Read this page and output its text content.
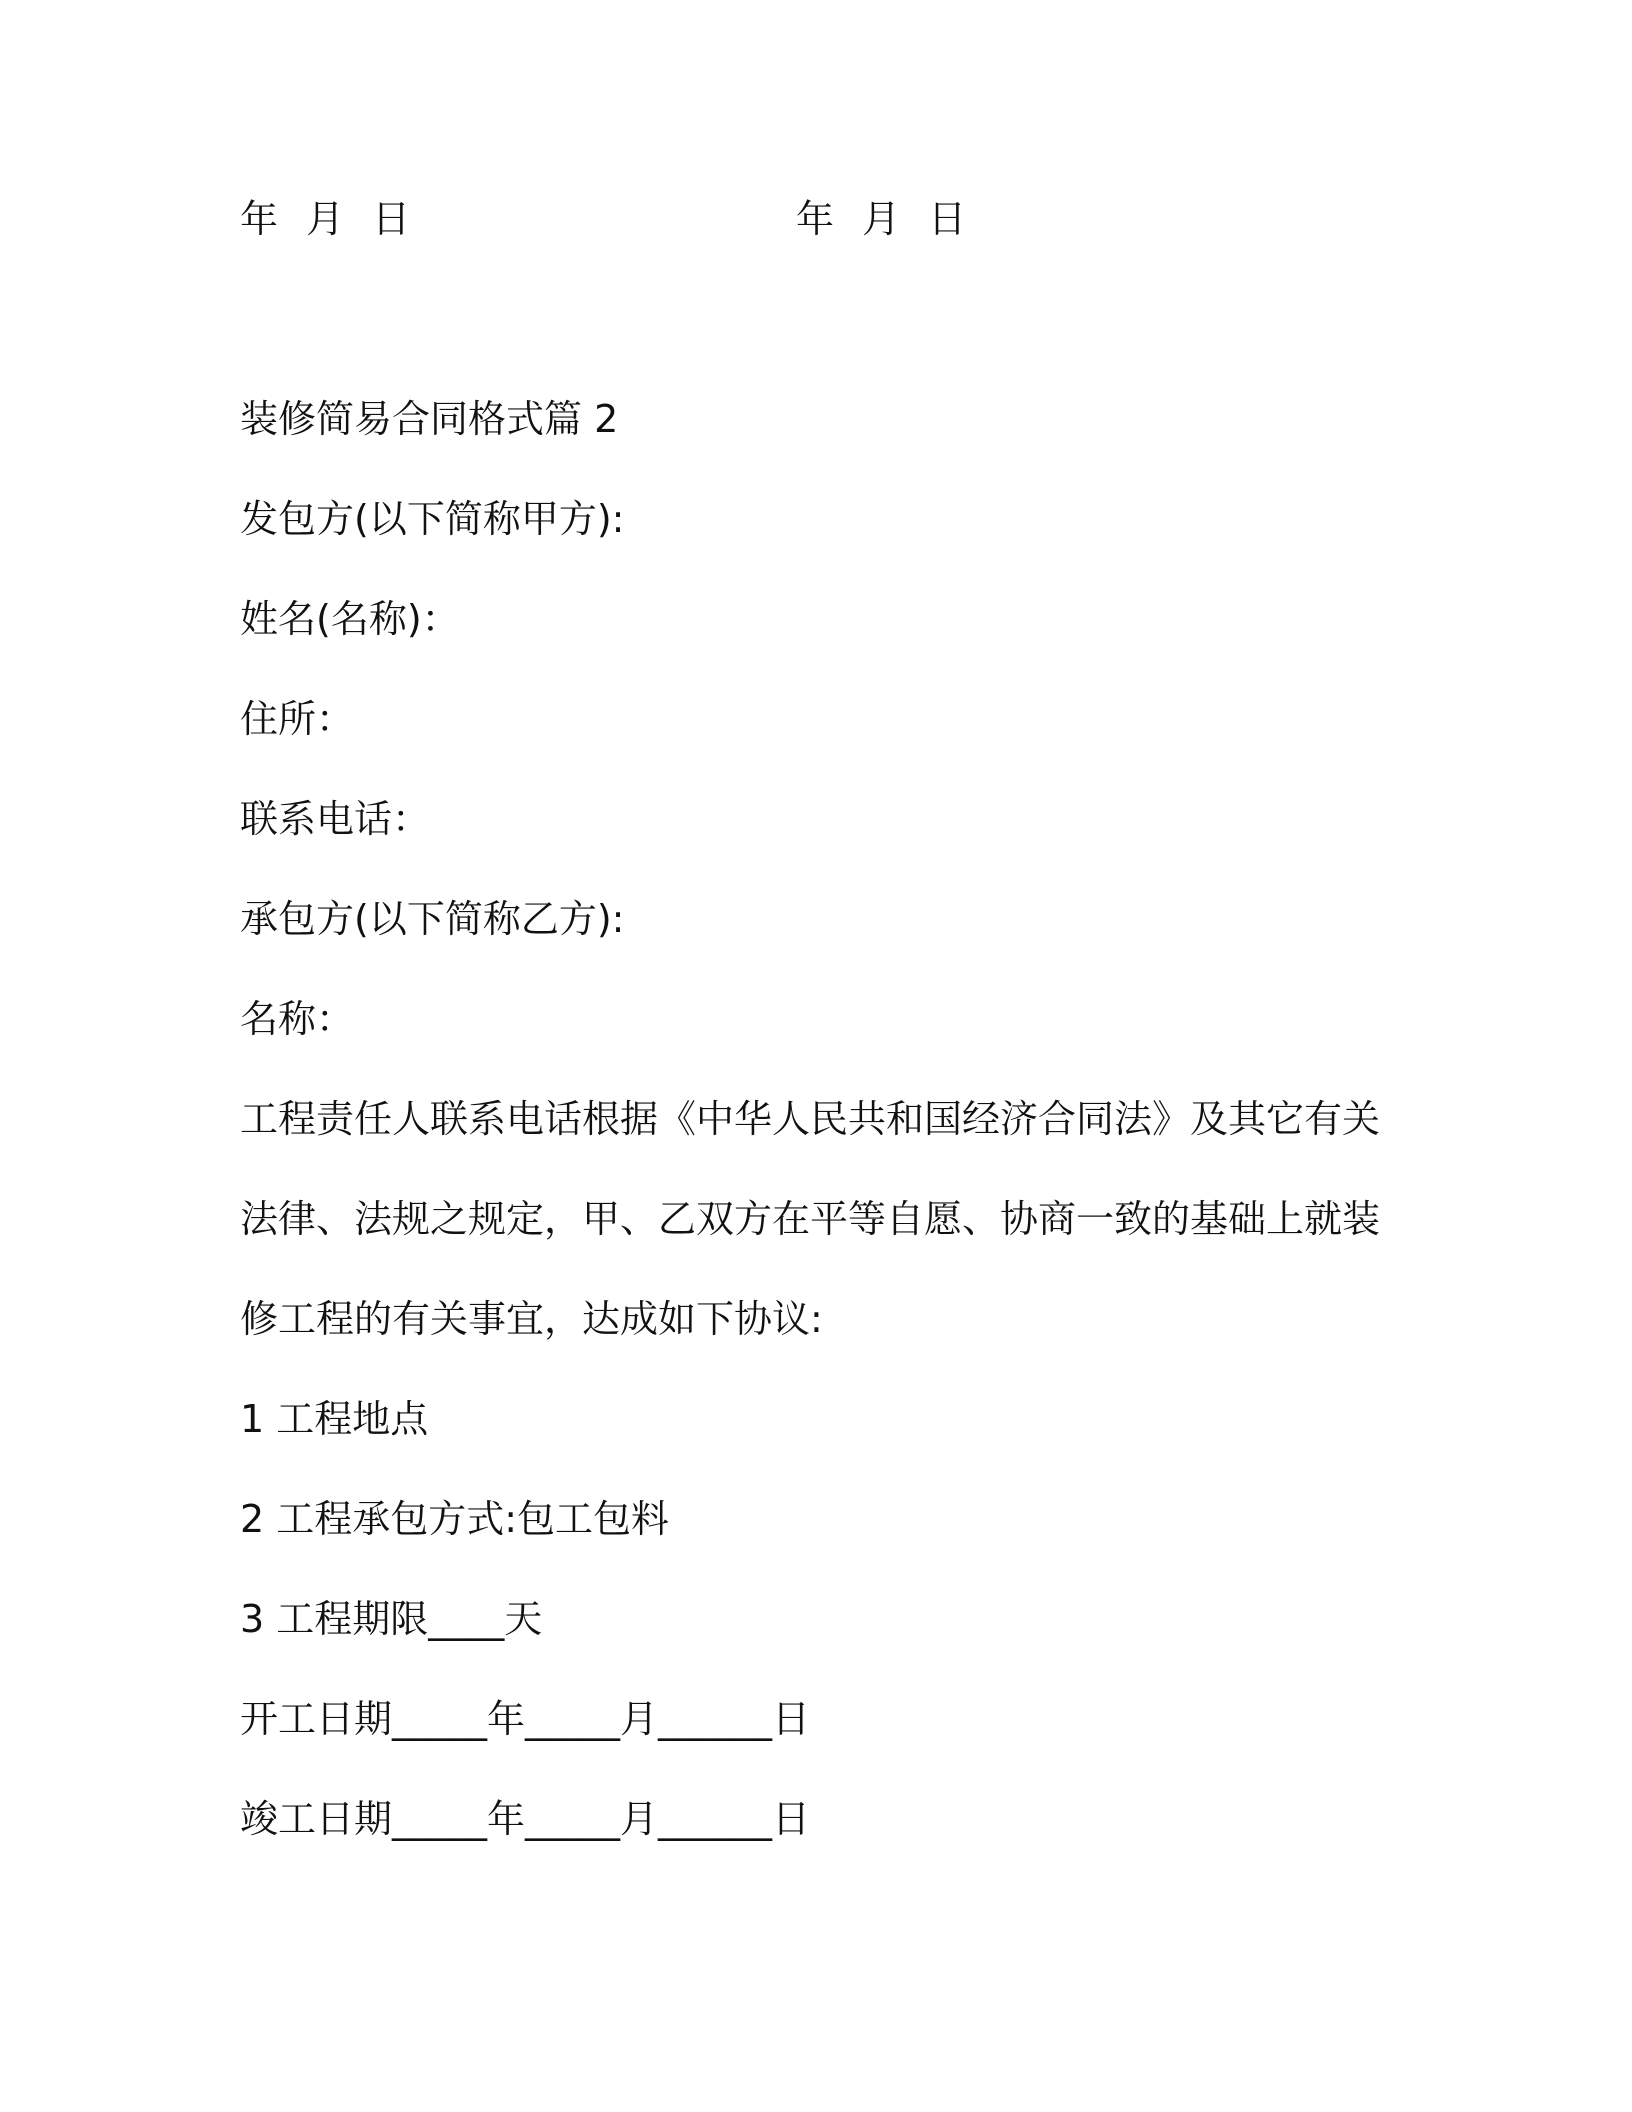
年 月 日	年 月 日
装修简易合同格式篇 2
发包方(以下简称甲方):
姓名(名称)：
住所：
联系电话：
承包方(以下简称乙方):
名称：
工程责任人联系电话根据《中华人民共和国经济合同法》及其它有关
法律、法规之规定，甲、乙双方在平等自愿、协商一致的基础上就装
修工程的有关事宜，达成如下协议:
1 工程地点
2 工程承包方式:包工包料
3 工程期限____天
开工日期_____年_____月______日
竣工日期_____年_____月______日
